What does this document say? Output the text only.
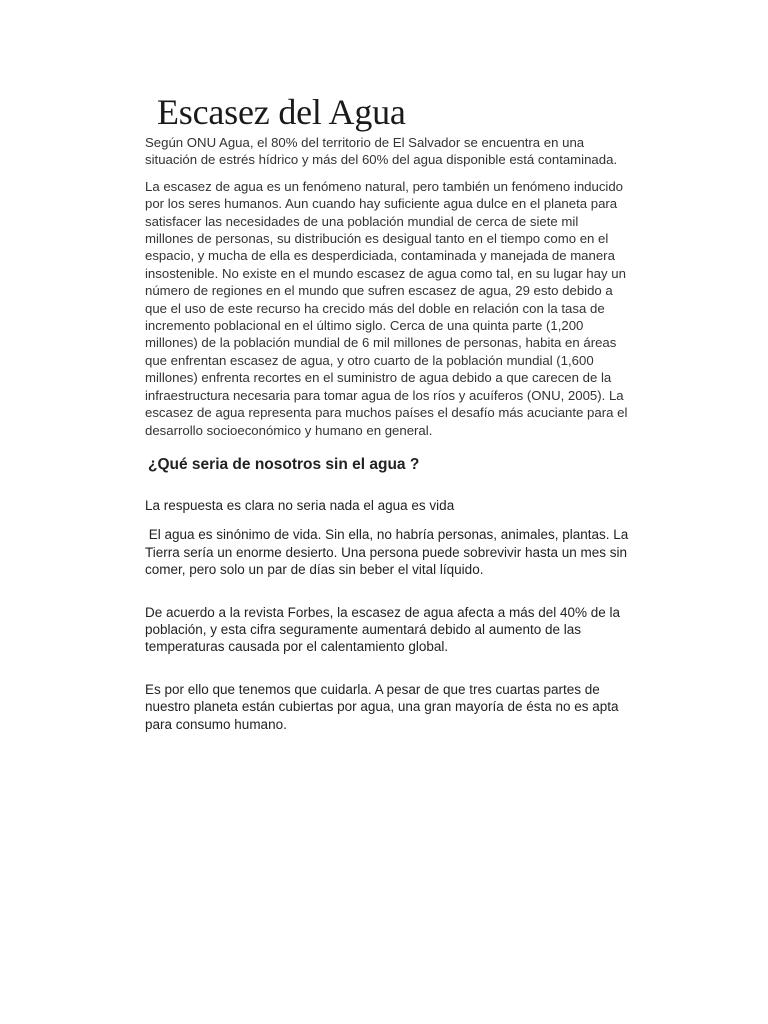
Escasez del Agua

Según ONU Agua, el 80% del territorio de El Salvador se encuentra en una situación de estrés hídrico y más del 60% del agua disponible está contaminada.

La escasez de agua es un fenómeno natural, pero también un fenómeno inducido por los seres humanos. Aun cuando hay suficiente agua dulce en el planeta para satisfacer las necesidades de una población mundial de cerca de siete mil millones de personas, su distribución es desigual tanto en el tiempo como en el espacio, y mucha de ella es desperdiciada, contaminada y manejada de manera insostenible. No existe en el mundo escasez de agua como tal, en su lugar hay un número de regiones en el mundo que sufren escasez de agua, 29 esto debido a que el uso de este recurso ha crecido más del doble en relación con la tasa de incremento poblacional en el último siglo. Cerca de una quinta parte (1,200 millones) de la población mundial de 6 mil millones de personas, habita en áreas que enfrentan escasez de agua, y otro cuarto de la población mundial (1,600 millones) enfrenta recortes en el suministro de agua debido a que carecen de la infraestructura necesaria para tomar agua de los ríos y acuíferos (ONU, 2005). La escasez de agua representa para muchos países el desafío más acuciante para el desarrollo socioeconómico y humano en general.

¿Qué seria de nosotros sin el agua ?

La respuesta es clara no seria nada el agua es vida

El agua es sinónimo de vida. Sin ella, no habría personas, animales, plantas. La Tierra sería un enorme desierto. Una persona puede sobrevivir hasta un mes sin comer, pero solo un par de días sin beber el vital líquido.

De acuerdo a la revista Forbes, la escasez de agua afecta a más del 40% de la población, y esta cifra seguramente aumentará debido al aumento de las temperaturas causada por el calentamiento global.

Es por ello que tenemos que cuidarla. A pesar de que tres cuartas partes de nuestro planeta están cubiertas por agua, una gran mayoría de ésta no es apta para consumo humano.
